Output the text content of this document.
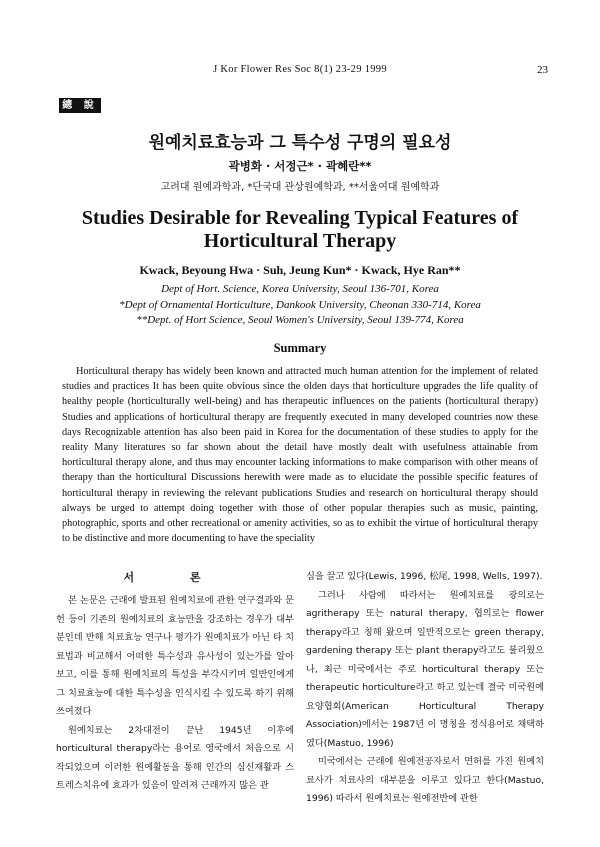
J Kor Flower Res Soc 8(1) 23-29 1999	23
總 說
원예치료효능과 그 특수성 구명의 필요성
곽병화 · 서정근* · 곽혜란**
고려대 원예과학과, *단국대 관상원예학과, **서울여대 원예학과
Studies Desirable for Revealing Typical Features of Horticultural Therapy
Kwack, Beyoung Hwa · Suh, Jeung Kun* · Kwack, Hye Ran**
Dept of Hort. Science, Korea University, Seoul 136-701, Korea
*Dept of Ornamental Horticulture, Dankook University, Cheonan 330-714, Korea
**Dept. of Hort Science, Seoul Women's University, Seoul 139-774, Korea
Summary

Horticultural therapy has widely been known and attracted much human attention for the implement of related studies and practices It has been quite obvious since the olden days that horticulture upgrades the life quality of healthy people (horticulturally well-being) and has therapeutic influences on the patients (horticultural therapy) Studies and applications of horticultural therapy are frequently executed in many developed countries now these days Recognizable attention has also been paid in Korea for the documentation of these studies to apply for the reality Many literatures so far shown about the detail have mostly dealt with usefulness attainable from horticultural therapy alone, and thus may encounter lacking informations to make comparison with other means of therapy than the horticultural Discussions herewith were made as to elucidate the possible specific features of horticultural therapy in reviewing the relevant publications Studies and research on horticultural therapy should always be urged to attempt doing together with those of other popular therapies such as music, painting, photographic, sports and other recreational or amenity activities, so as to exhibit the virtue of horticultural therapy to be distinctive and more documenting to have the speciality

서 론

본 논문은 근래에 발표된 원예치료에 관한 연구결과와 문헌 등이 기존의 원예치료의 효능만을 강조하는 경우가 대부분인데 반해 치료효능 연구나 평가가 원예치료가 아닌 타 치료법과 비교해서 어떠한 특수성과 유사성이 있는가를 알아보고, 이를 통해 원예치료의 특성을 부각시키며 일반인에게 그 치료효능에 대한 특수성을 인식시킬 수 있도록 하기 위해 쓰여졌다

원예치료는 2차대전이 끝난 1945년 이후에 horticultural therapy라는 용어로 영국에서 처음으로 시작되었으며 이러한 원예활동을 통해 인간의 심신재활과 스트레스치유에 효과가 있음이 알려져 근래까지 많은 관

심을 끌고 있다(Lewis, 1996, 松尾, 1998, Wells, 1997).

그러나 사람에 따라서는 원예치료를 광의로는 agritherapy 또는 natural therapy, 협의로는 flower therapy라고 칭해 왔으며 일반적으로는 green therapy, gardening therapy 또는 plant therapy라고도 불리웠으나, 최근 미국에서는 주로 horticultural therapy 또는 therapeutic horticulture라고 하고 있는데 결국 미국원예요양협회(American Horticultural Therapy Association)에서는 1987년 이 명칭을 정식용어로 채택하였다(Mastuo, 1996)

미국에서는 근래에 원예전공자로서 면허를 가진 원예치료사가 치료사의 대부분을 이루고 있다고 한다(Mastuo, 1996) 따라서 원예치료는 원예전반에 관한
